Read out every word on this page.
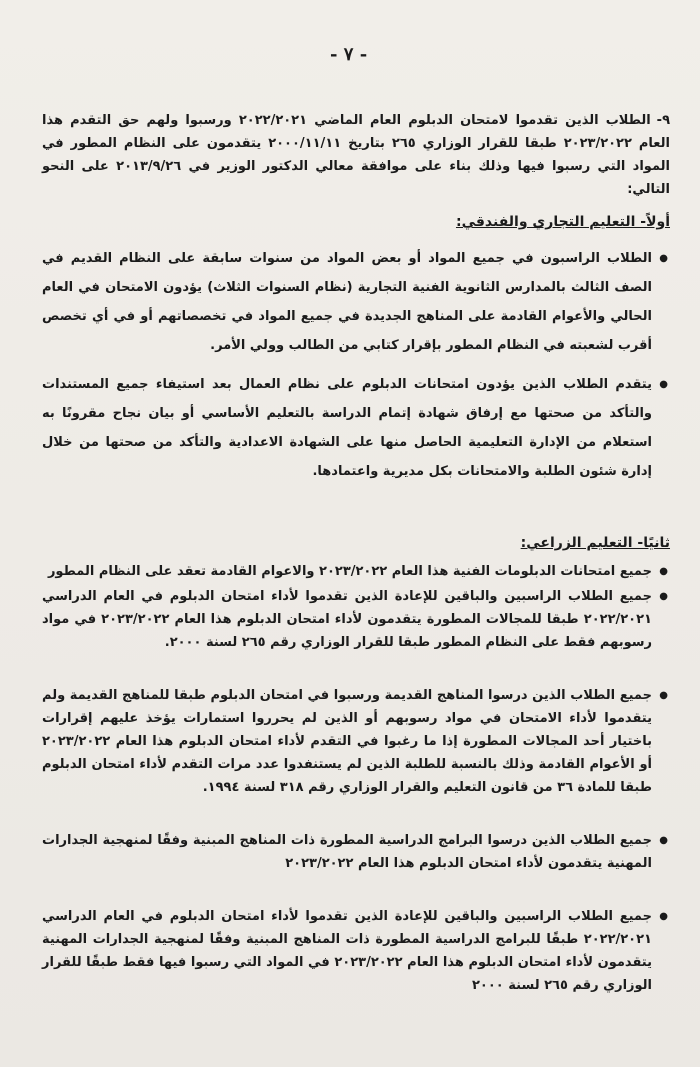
- ٧ -

٩-الطلاب الذين تقدموا لامتحان الدبلوم العام الماضي ٢٠٢٢/٢٠٢١ ورسبوا ولهم حق التقدم هذا العام ٢٠٢٣/٢٠٢٢ طبقا للقرار الوزاري ٢٦٥ بتاريخ ٢٠٠٠/١١/١١ يتقدمون على النظام المطور في المواد التي رسبوا فيها وذلك بناء على موافقة معالي الدكتور الوزير في ٢٠١٣/٩/٢٦ على النحو التالي:

أولاً- التعليم التجاري والفندقي:
● الطلاب الراسبون في جميع المواد أو بعض المواد من سنوات سابقة على النظام القديم في الصف الثالث بالمدارس الثانوية الفنية التجارية (نظام السنوات الثلاث) يؤدون الامتحان في العام الحالي والأعوام القادمة على المناهج الجديدة في جميع المواد في تخصصاتهم أو في أي تخصص أقرب لشعبته في النظام المطور بإقرار كتابي من الطالب وولي الأمر.
● يتقدم الطلاب الذين يؤدون امتحانات الدبلوم على نظام العمال بعد استيفاء جميع المستندات والتأكد من صحتها مع إرفاق شهادة إتمام الدراسة بالتعليم الأساسي أو بيان نجاح مقرونًا به استعلام من الإدارة التعليمية الحاصل منها على الشهادة الاعدادية والتأكد من صحتها من خلال إدارة شئون الطلبة والامتحانات بكل مديرية واعتمادها.
ثانيًا- التعليم الزراعي:
● جميع امتحانات الدبلومات الفنية هذا العام ٢٠٢٣/٢٠٢٢ والاعوام القادمة تعقد على النظام المطور
● جميع الطلاب الراسبين والباقين للإعادة الذين تقدموا لأداء امتحان الدبلوم في العام الدراسي ٢٠٢٢/٢٠٢١ طبقا للمجالات المطورة يتقدمون لأداء امتحان الدبلوم هذا العام ٢٠٢٣/٢٠٢٢ في مواد رسوبهم فقط على النظام المطور طبقا للقرار الوزاري رقم ٢٦٥ لسنة ٢٠٠٠.
● جميع الطلاب الذين درسوا المناهج القديمة ورسبوا في امتحان الدبلوم طبقا للمناهج القديمة ولم يتقدموا لأداء الامتحان في مواد رسوبهم أو الذين لم يحرروا استمارات يؤخذ عليهم إقرارات باختيار أحد المجالات المطورة إذا ما رغبوا في التقدم لأداء امتحان الدبلوم هذا العام ٢٠٢٣/٢٠٢٢ أو الأعوام القادمة وذلك بالنسبة للطلبة الذين لم يستنفدوا عدد مرات التقدم لأداء امتحان الدبلوم طبقا للمادة ٣٦ من قانون التعليم والقرار الوزاري رقم ٣١٨ لسنة ١٩٩٤.
● جميع الطلاب الذين درسوا البرامج الدراسية المطورة ذات المناهج المبنية وفقًا لمنهجية الجدارات المهنية يتقدمون لأداء امتحان الدبلوم هذا العام ٢٠٢٣/٢٠٢٢
● جميع الطلاب الراسبين والباقين للإعادة الذين تقدموا لأداء امتحان الدبلوم في العام الدراسي ٢٠٢٢/٢٠٢١ طبقًا للبرامج الدراسية المطورة ذات المناهج المبنية وفقًا لمنهجية الجدارات المهنية يتقدمون لأداء امتحان الدبلوم هذا العام ٢٠٢٣/٢٠٢٢ في المواد التي رسبوا فيها فقط طبقًا للقرار الوزاري رقم ٢٦٥ لسنة ٢٠٠٠
